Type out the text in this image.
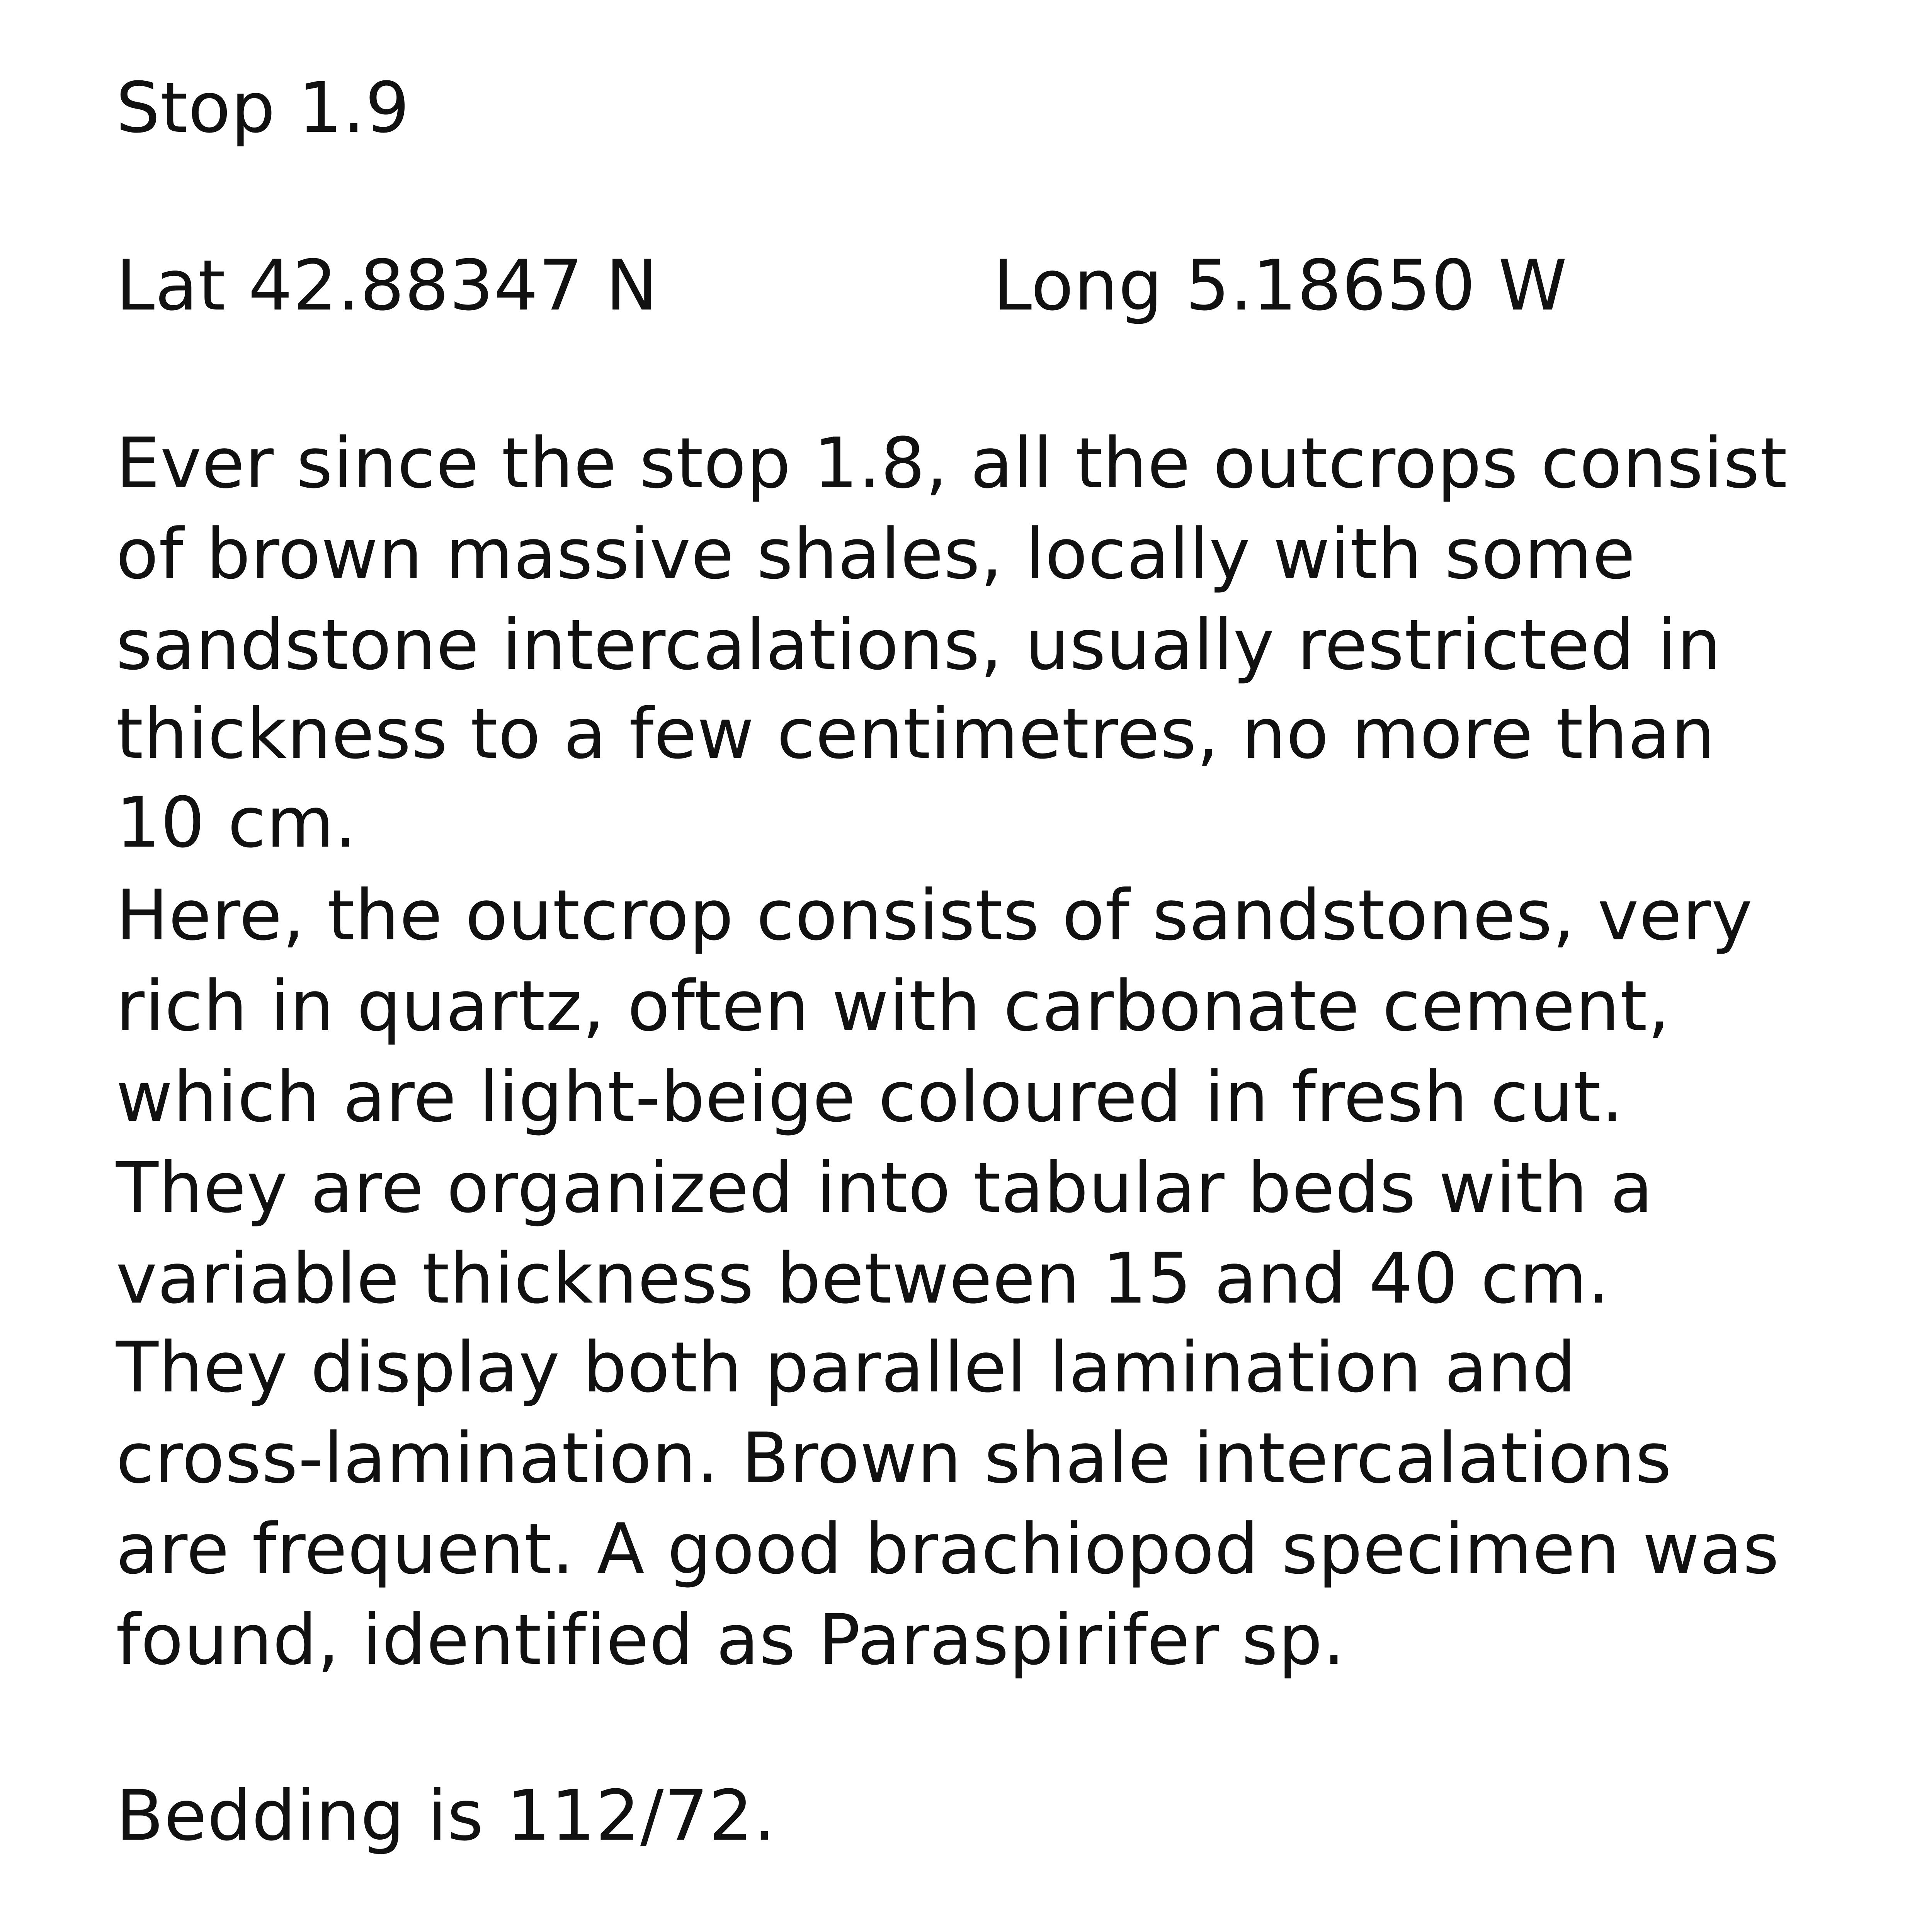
Stop 1.9

Lat 42.88347 N	Long 5.18650 W

Ever since the stop 1.8, all the outcrops consist

of brown massive shales, locally with some

sandstone intercalations, usually restricted in

thickness to a few centimetres, no more than

10 cm.

Here, the outcrop consists of sandstones, very

rich in quartz, often with carbonate cement,

which are light-beige coloured in fresh cut.

They are organized into tabular beds with a

variable thickness between 15 and 40 cm.

They display both parallel lamination and

cross-lamination. Brown shale intercalations

are frequent. A good brachiopod specimen was

found, identified as Paraspirifer sp.

Bedding is 112/72.
